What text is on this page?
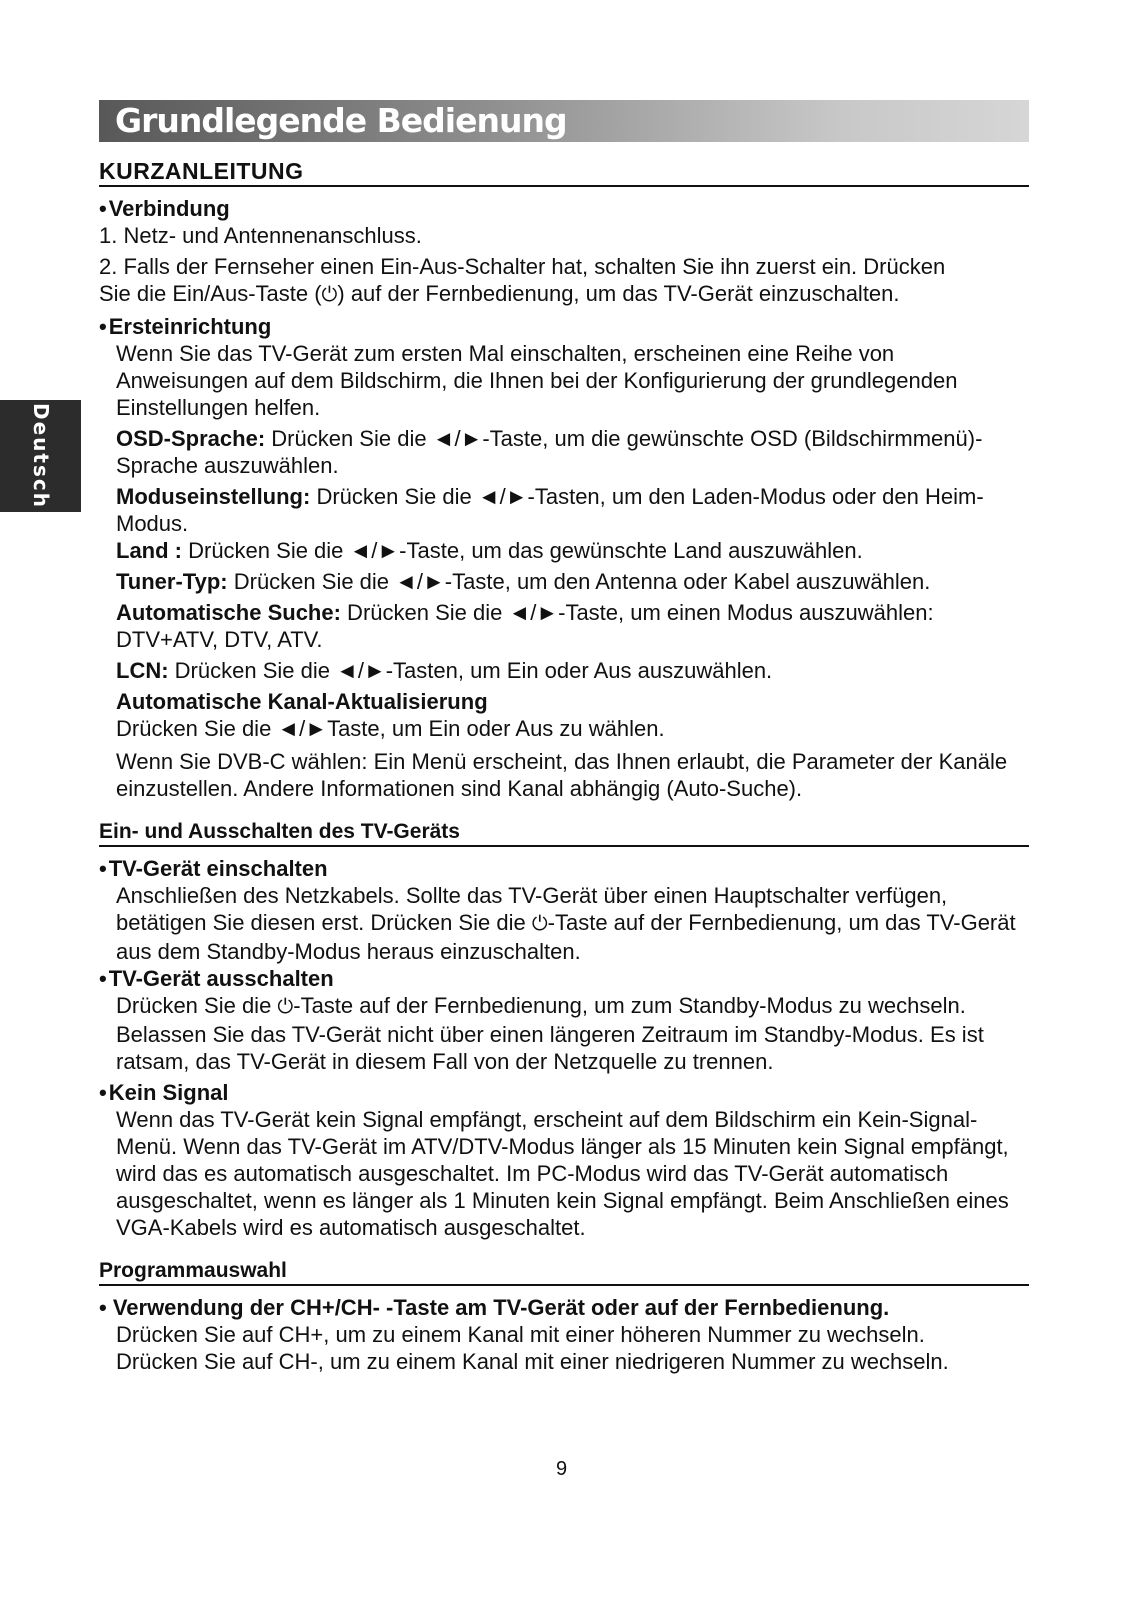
Deutsch
Grundlegende Bedienung
KURZANLEITUNG
• Verbindung
1. Netz- und Antennenanschluss.
2. Falls der Fernseher einen Ein-Aus-Schalter hat, schalten Sie ihn zuerst ein. Drücken
Sie die Ein/Aus-Taste (⏻) auf der Fernbedienung, um das TV-Gerät einzuschalten.
• Ersteinrichtung
Wenn Sie das TV-Gerät zum ersten Mal einschalten, erscheinen eine Reihe von Anweisungen auf dem Bildschirm, die Ihnen bei der Konfigurierung der grundlegenden Einstellungen helfen.
OSD-Sprache: Drücken Sie die ◄/►-Taste, um die gewünschte OSD (Bildschirmmenü)-Sprache auszuwählen.
Moduseinstellung: Drücken Sie die ◄/►-Tasten, um den Laden-Modus oder den Heim-Modus.
Land : Drücken Sie die ◄/►-Taste, um das gewünschte Land auszuwählen.
Tuner-Typ: Drücken Sie die ◄/►-Taste, um den Antenna oder Kabel auszuwählen.
Automatische Suche: Drücken Sie die ◄/►-Taste, um einen Modus auszuwählen: DTV+ATV, DTV, ATV.
LCN: Drücken Sie die ◄/►-Tasten, um Ein oder Aus auszuwählen.
Automatische Kanal-Aktualisierung
Drücken Sie die ◄/►Taste, um Ein oder Aus zu wählen.
Wenn Sie DVB-C wählen: Ein Menü erscheint, das Ihnen erlaubt, die Parameter der Kanäle einzustellen. Andere Informationen sind Kanal abhängig (Auto-Suche).
Ein- und Ausschalten des TV-Geräts
• TV-Gerät einschalten
Anschließen des Netzkabels. Sollte das TV-Gerät über einen Hauptschalter verfügen, betätigen Sie diesen erst. Drücken Sie die ⏻-Taste auf der Fernbedienung, um das TV-Gerät aus dem Standby-Modus heraus einzuschalten.
• TV-Gerät ausschalten
Drücken Sie die ⏻-Taste auf der Fernbedienung, um zum Standby-Modus zu wechseln. Belassen Sie das TV-Gerät nicht über einen längeren Zeitraum im Standby-Modus. Es ist ratsam, das TV-Gerät in diesem Fall von der Netzquelle zu trennen.
• Kein Signal
Wenn das TV-Gerät kein Signal empfängt, erscheint auf dem Bildschirm ein Kein-Signal-Menü. Wenn das TV-Gerät im ATV/DTV-Modus länger als 15 Minuten kein Signal empfängt, wird das es automatisch ausgeschaltet. Im PC-Modus wird das TV-Gerät automatisch ausgeschaltet, wenn es länger als 1 Minuten kein Signal empfängt. Beim Anschließen eines VGA-Kabels wird es automatisch ausgeschaltet.
Programmauswahl
• Verwendung der CH+/CH- -Taste am TV-Gerät oder auf der Fernbedienung.
Drücken Sie auf CH+, um zu einem Kanal mit einer höheren Nummer zu wechseln.
Drücken Sie auf CH-, um zu einem Kanal mit einer niedrigeren Nummer zu wechseln.
9
